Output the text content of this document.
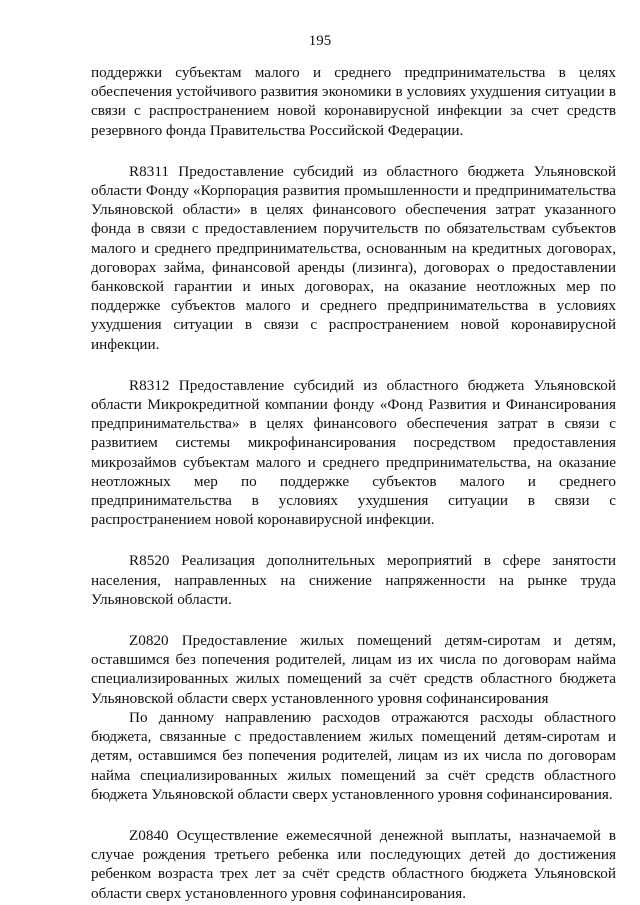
195

поддержки субъектам малого и среднего предпринимательства в целях обеспечения устойчивого развития экономики в условиях ухудшения ситуации в связи с распространением новой коронавирусной инфекции за счет средств резервного фонда Правительства Российской Федерации.

R8311 Предоставление субсидий из областного бюджета Ульяновской области Фонду «Корпорация развития промышленности и предпринимательства Ульяновской области» в целях финансового обеспечения затрат указанного фонда в связи с предоставлением поручительств по обязательствам субъектов малого и среднего предпринимательства, основанным на кредитных договорах, договорах займа, финансовой аренды (лизинга), договорах о предоставлении банковской гарантии и иных договорах, на оказание неотложных мер по поддержке субъектов малого и среднего предпринимательства в условиях ухудшения ситуации в связи с распространением новой коронавирусной инфекции.

R8312 Предоставление субсидий из областного бюджета Ульяновской области Микрокредитной компании фонду «Фонд Развития и Финансирования предпринимательства» в целях финансового обеспечения затрат в связи с развитием системы микрофинансирования посредством предоставления микрозаймов субъектам малого и среднего предпринимательства, на оказание неотложных мер по поддержке субъектов малого и среднего предпринимательства в условиях ухудшения ситуации в связи с распространением новой коронавирусной инфекции.

R8520 Реализация дополнительных мероприятий в сфере занятости населения, направленных на снижение напряженности на рынке труда Ульяновской области.

Z0820 Предоставление жилых помещений детям-сиротам и детям, оставшимся без попечения родителей, лицам из их числа по договорам найма специализированных жилых помещений за счёт средств областного бюджета Ульяновской области сверх установленного уровня софинансирования

По данному направлению расходов отражаются расходы областного бюджета, связанные с предоставлением жилых помещений детям-сиротам и детям, оставшимся без попечения родителей, лицам из их числа по договорам найма специализированных жилых помещений за счёт средств областного бюджета Ульяновской области сверх установленного уровня софинансирования.

Z0840 Осуществление ежемесячной денежной выплаты, назначаемой в случае рождения третьего ребенка или последующих детей до достижения ребенком возраста трех лет за счёт средств областного бюджета Ульяновской области сверх установленного уровня софинансирования.
